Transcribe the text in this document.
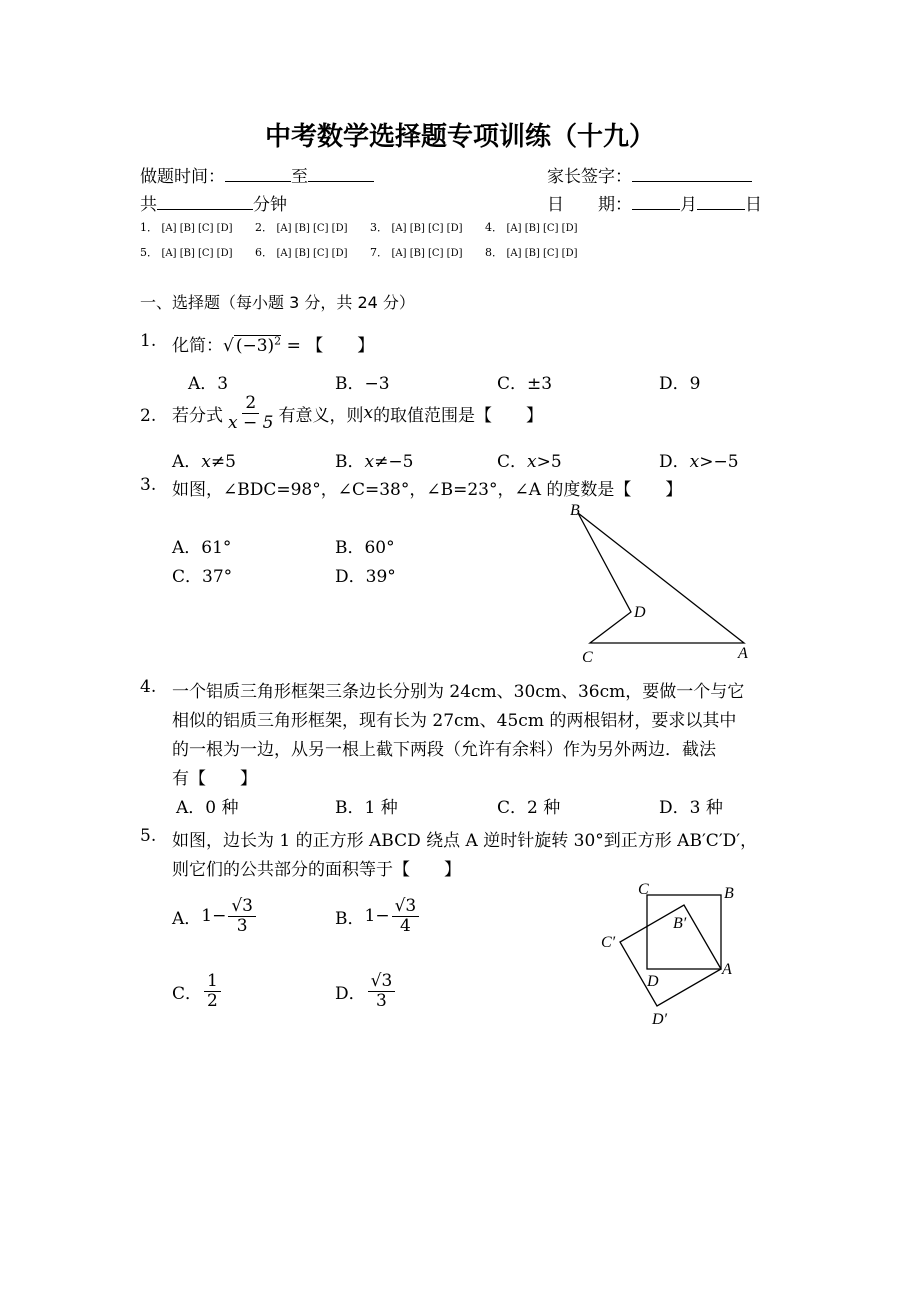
中考数学选择题专项训练（十九）
做题时间：	至	家长签字：
共	分钟	日　　期：	月	日
1． [A] [B] [C] [D] 2． [A] [B] [C] [D] 3． [A] [B] [C] [D] 4． [A] [B] [C] [D]
5． [A] [B] [C] [D] 6． [A] [B] [C] [D] 7． [A] [B] [C] [D] 8． [A] [B] [C] [D]
一、选择题（每小题 3 分，共 24 分）
1. 化简：√ $(-3)^2$ = 【　　】
A．3	B．−3	C．±3	D．9
2. 若分式 $\frac{2}{x - 5}$ 有意义，则 x 的取值范围是【　　】
A．x≠5	B．x≠−5	C．x>5	D．x>−5
3. 如图，∠BDC=98°，∠C=38°，∠B=23°，∠A 的度数是【　　】
A．61°	B．60°
C．37°	D．39°
B
D
C	A
4. 一个铝质三角形框架三条边长分别为 24cm、30cm、36cm，要做一个与它
相似的铝质三角形框架，现有长为 27cm、45cm 的两根铝材，要求以其中
的一根为一边，从另一根上截下两段（允许有余料）作为另外两边．截法
有【　　】
A．0 种	B．1 种	C．2 种	D．3 种
5. 如图，边长为 1 的正方形 ABCD 绕点 A 逆时针旋转 30°到正方形 AB′C′D′，
则它们的公共部分的面积等于【　　】
A． $1- \frac{√3}{3}$	B． $1- \frac{√3}{4}$
C． $\frac{1}{2}$	D． $\frac{√3}{3}$
C	B
B′
C′
D
A
D′
